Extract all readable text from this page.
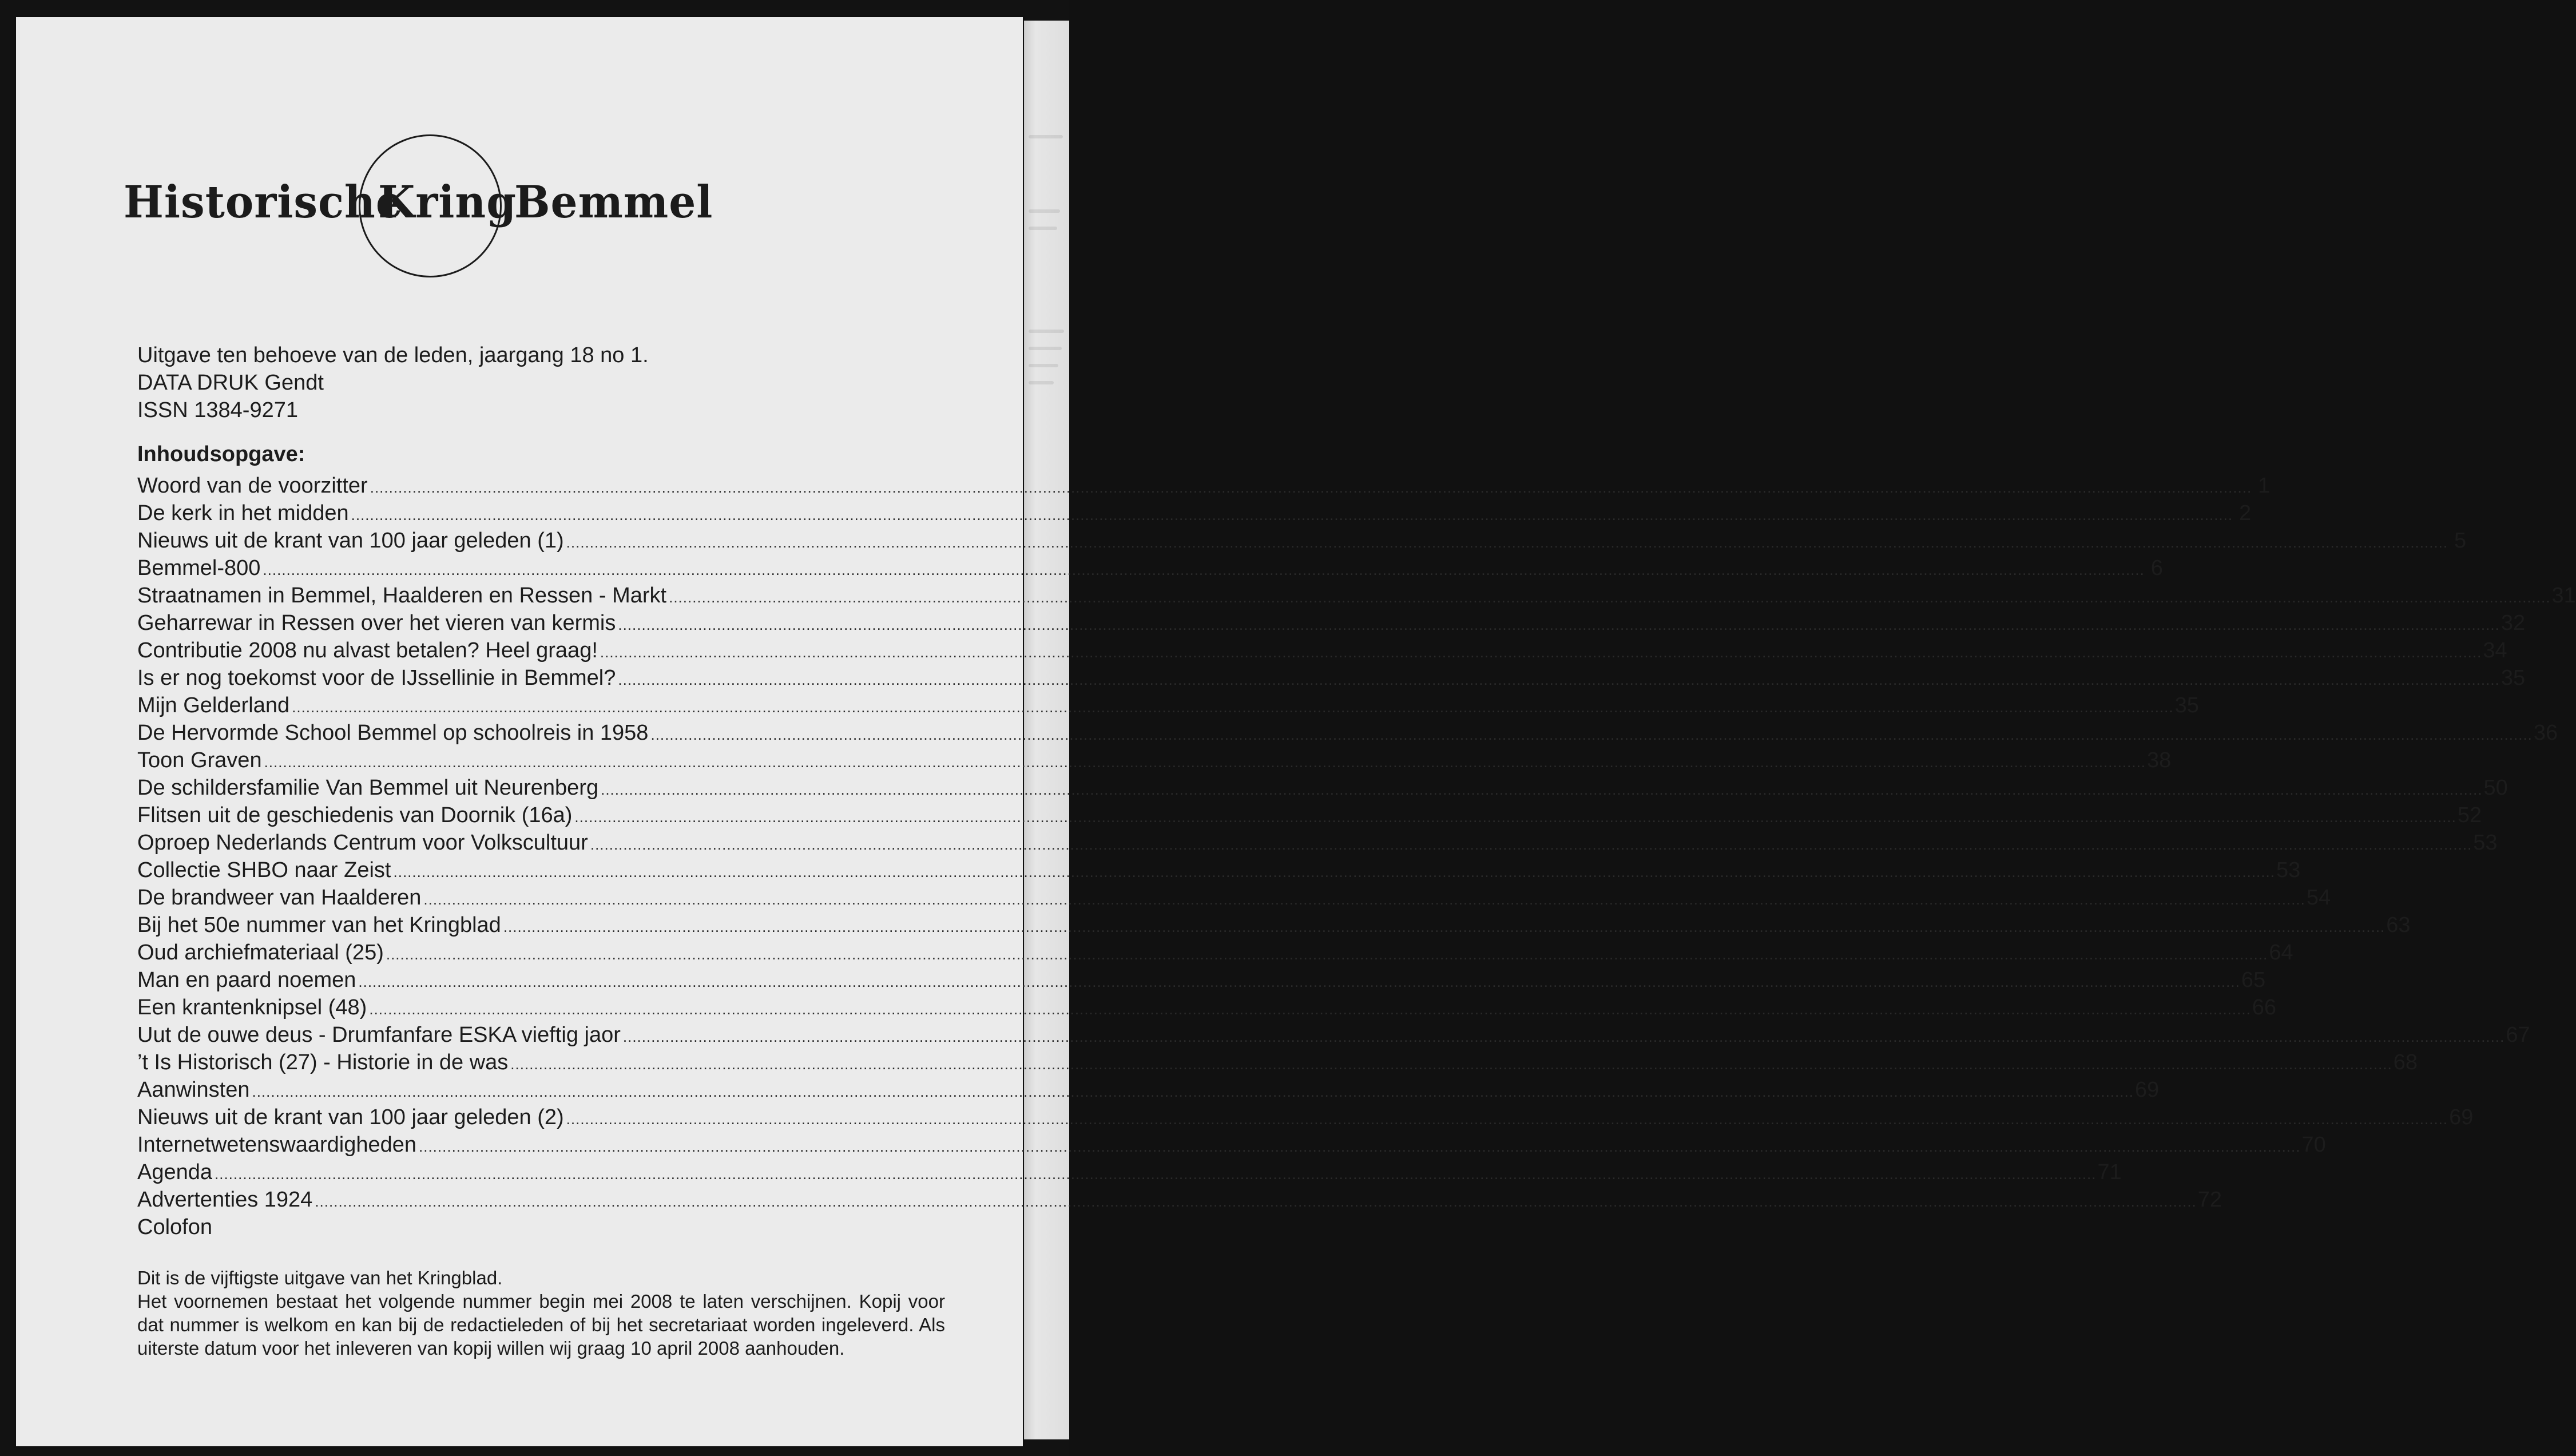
Historische
Kring
Bemmel
Uitgave ten behoeve van de leden, jaargang 18 no 1.
DATA DRUK Gendt
ISSN 1384-9271
Inhoudsopgave:
Woord van de voorzitter ................................................................................................................................................................................................................................................................................................................................................................................................................ 1
De kerk in het midden ................................................................................................................................................................................................................................................................................................................................................................................................................ 2
Nieuws uit de krant van 100 jaar geleden (1) ................................................................................................................................................................................................................................................................................................................................................................................................................ 5
Bemmel-800 ................................................................................................................................................................................................................................................................................................................................................................................................................ 6
Straatnamen in Bemmel, Haalderen en Ressen - Markt ................................................................................................................................................................................................................................................................................................................................................................................................................ 31
Geharrewar in Ressen over het vieren van kermis ................................................................................................................................................................................................................................................................................................................................................................................................................ 32
Contributie 2008 nu alvast betalen? Heel graag! ................................................................................................................................................................................................................................................................................................................................................................................................................ 34
Is er nog toekomst voor de IJssellinie in Bemmel? ................................................................................................................................................................................................................................................................................................................................................................................................................ 35
Mijn Gelderland ................................................................................................................................................................................................................................................................................................................................................................................................................ 35
De Hervormde School Bemmel op schoolreis in 1958 ................................................................................................................................................................................................................................................................................................................................................................................................................ 36
Toon Graven ................................................................................................................................................................................................................................................................................................................................................................................................................ 38
De schildersfamilie Van Bemmel uit Neurenberg ................................................................................................................................................................................................................................................................................................................................................................................................................ 50
Flitsen uit de geschiedenis van Doornik (16a) ................................................................................................................................................................................................................................................................................................................................................................................................................ 52
Oproep Nederlands Centrum voor Volkscultuur ................................................................................................................................................................................................................................................................................................................................................................................................................ 53
Collectie SHBO naar Zeist ................................................................................................................................................................................................................................................................................................................................................................................................................ 53
De brandweer van Haalderen ................................................................................................................................................................................................................................................................................................................................................................................................................ 54
Bij het 50e nummer van het Kringblad ................................................................................................................................................................................................................................................................................................................................................................................................................ 63
Oud archiefmateriaal (25) ................................................................................................................................................................................................................................................................................................................................................................................................................ 64
Man en paard noemen ................................................................................................................................................................................................................................................................................................................................................................................................................ 65
Een krantenknipsel (48) ................................................................................................................................................................................................................................................................................................................................................................................................................ 66
Uut de ouwe deus - Drumfanfare ESKA vieftig jaor ................................................................................................................................................................................................................................................................................................................................................................................................................ 67
’t Is Historisch (27) - Historie in de was ................................................................................................................................................................................................................................................................................................................................................................................................................ 68
Aanwinsten ................................................................................................................................................................................................................................................................................................................................................................................................................ 69
Nieuws uit de krant van 100 jaar geleden (2) ................................................................................................................................................................................................................................................................................................................................................................................................................ 69
Internetwetenswaardigheden ................................................................................................................................................................................................................................................................................................................................................................................................................ 70
Agenda ................................................................................................................................................................................................................................................................................................................................................................................................................ 71
Advertenties 1924 ................................................................................................................................................................................................................................................................................................................................................................................................................ 72
Colofon

Dit is de vijftigste uitgave van het Kringblad.

Het voornemen bestaat het volgende nummer begin mei 2008 te laten verschijnen. Kopij voor dat nummer is welkom en kan bij de redactieleden of bij het secretariaat worden ingeleverd. Als uiterste datum voor het inleveren van kopij willen wij graag 10 april 2008 aanhouden.
